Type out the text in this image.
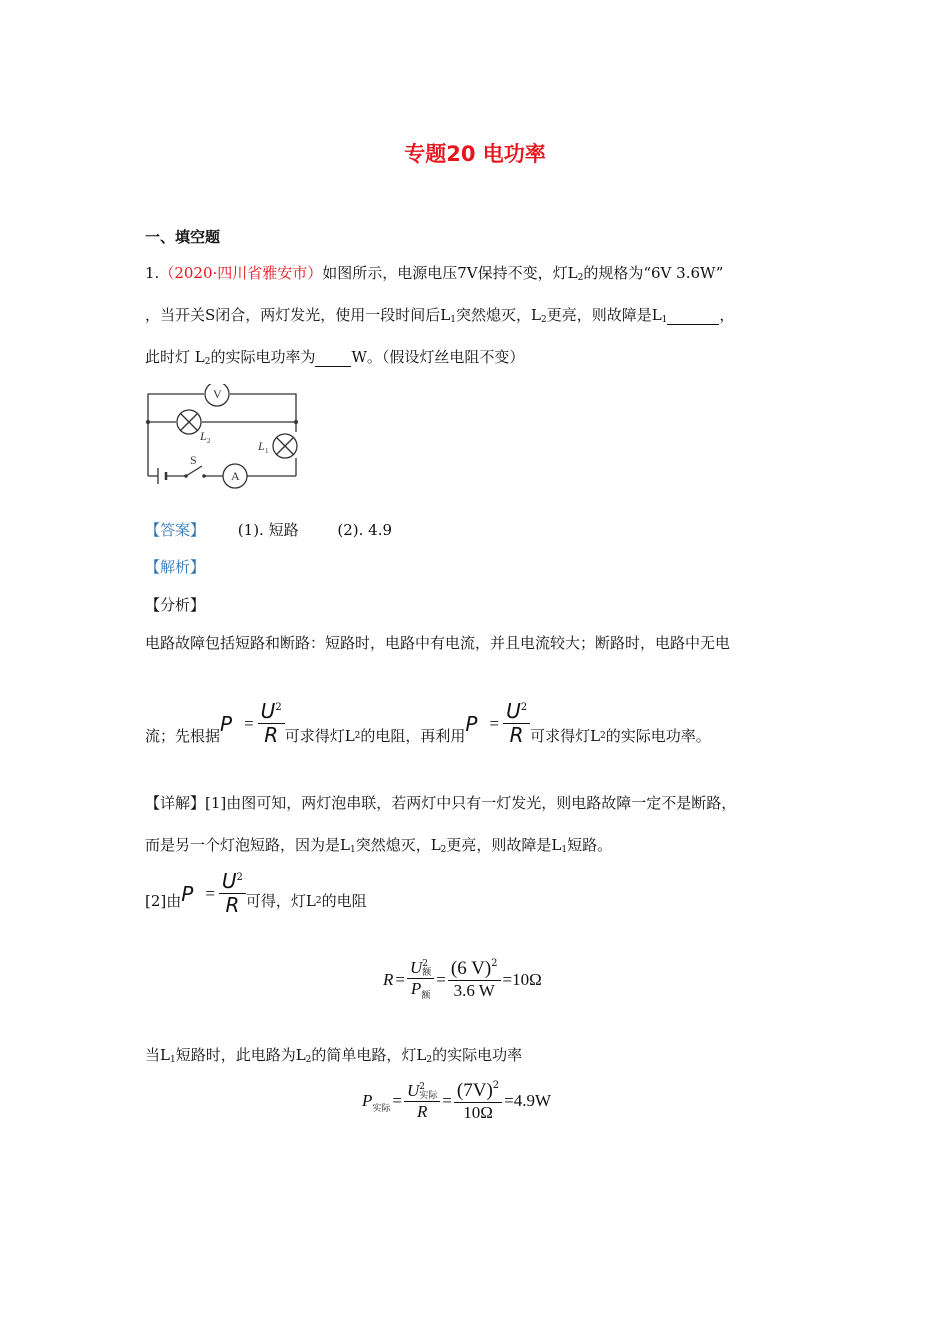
专题20 电功率
一、填空题
1.（2020·四川省雅安市）如图所示，电源电压7V保持不变，灯$L_2$的规格为“6V 3.6W”
，当开关S闭合，两灯发光，使用一段时间后$L_1$突然熄灭，$L_2$更亮，则故障是$L_1$	，
此时灯 $L_2$的实际电功率为 W。（假设灯丝电阻不变）
V
A
S
L 2	L 1
【答案】 (1). 短路	(2). 4.9
【解析】
【分析】
电路故障包括短路和断路：短路时，电路中有电流，并且电流较大；断路时，电路中无电
流；先根据
$P = \frac{U^2}{R}$ 可求得灯L 2 的电阻，再利用
$P = \frac{U^2}{R}$ 可求得灯L 2 的实际电功率。
【详解】[1]由图可知，两灯泡串联，若两灯中只有一灯发光，则电路故障一定不是断路，
而是另一个灯泡短路，因为是$L_1$突然熄灭，$L_2$更亮，则故障是$L_1$短路。
[2]由 $P = \frac{U^2}{R}$ 可得，灯L 2 的电阻
R = U 2
额
$P_额 = \frac{(6 V)^2}{3.6 W} =10\Omega$
当$L_1$短路时，此电路为$L_2$的简单电路，灯$L_2$的实际电功率
P 实际 = U 2
实际
$R = \frac{(7V)^2}{10\Omega} =4.9W$
